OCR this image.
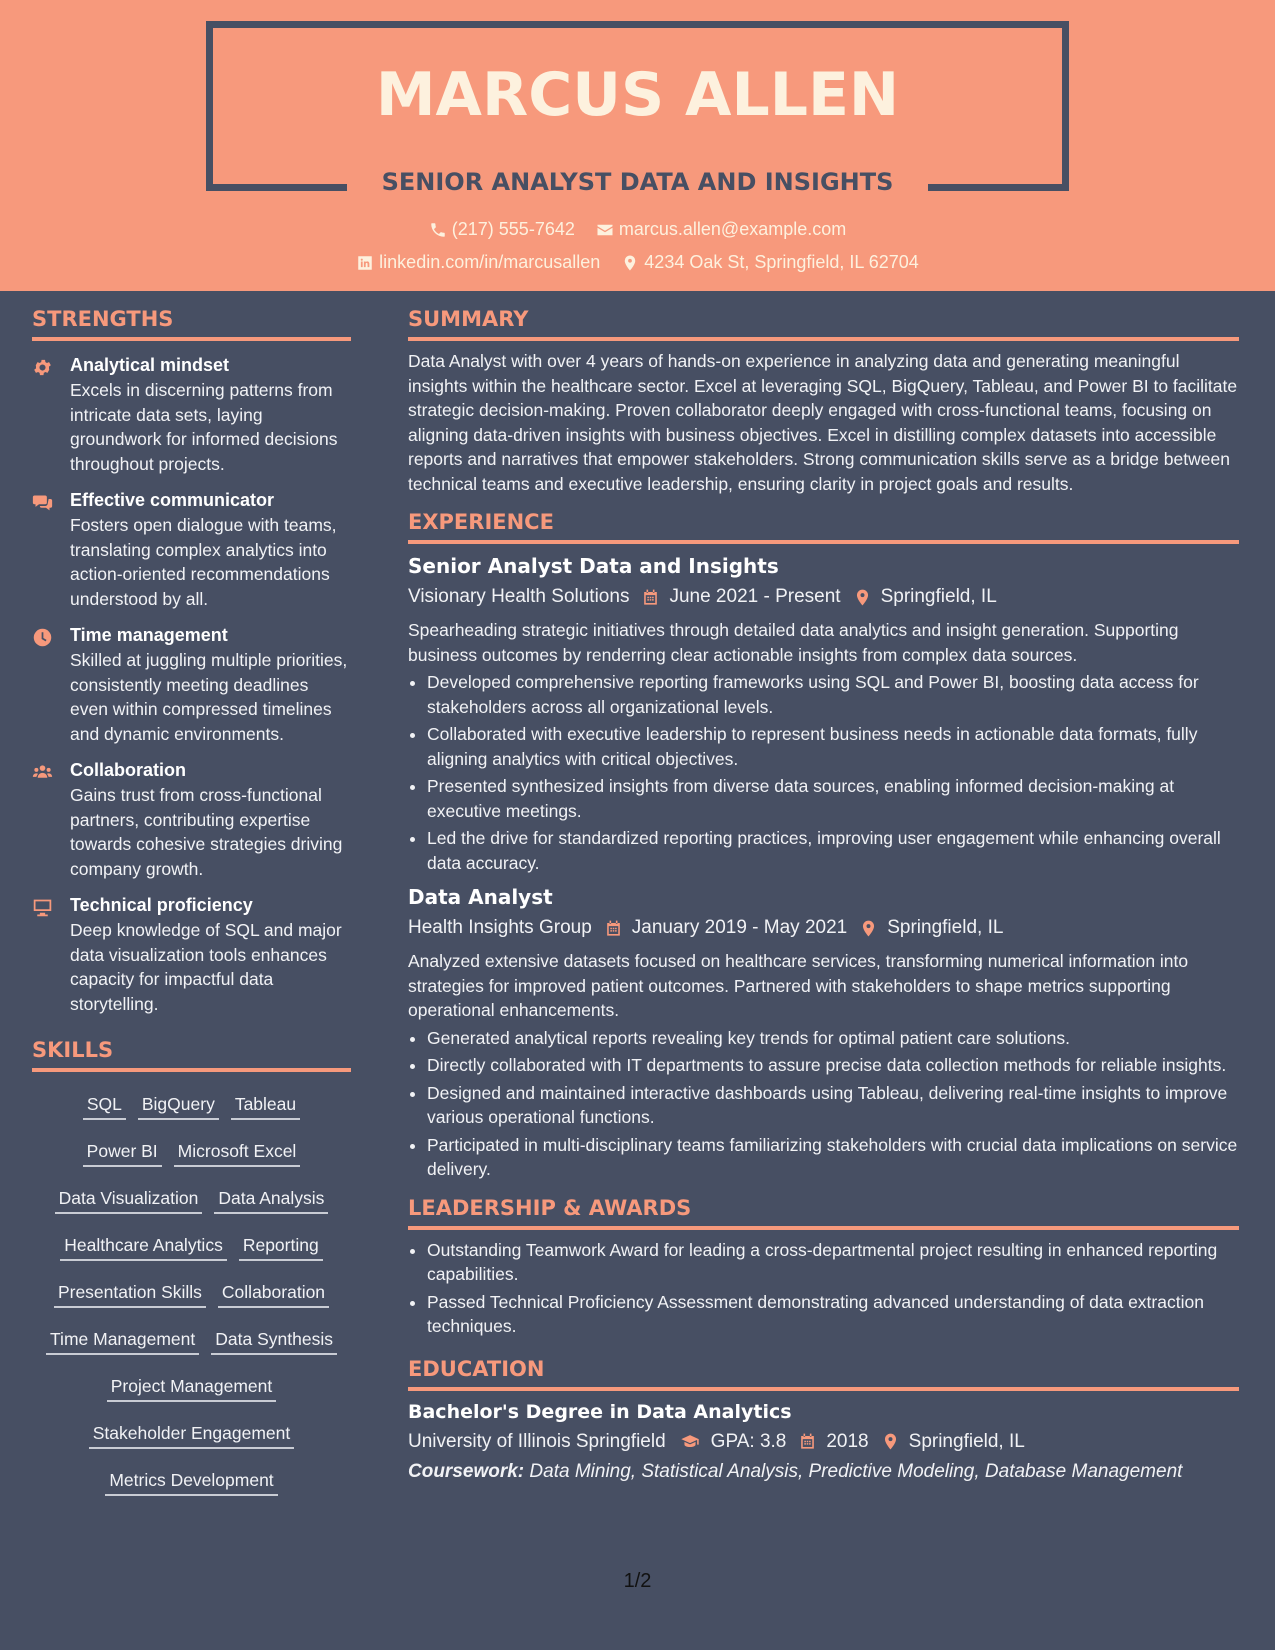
MARCUS ALLEN
SENIOR ANALYST DATA AND INSIGHTS
(217) 555-7642
marcus.allen@example.com
linkedin.com/in/marcusallen
4234 Oak St, Springfield, IL 62704
STRENGTHS
Analytical mindset

Excels in discerning patterns from intricate data sets, laying groundwork for informed decisions throughout projects.

Effective communicator

Fosters open dialogue with teams, translating complex analytics into action-oriented recommendations understood by all.

Time management

Skilled at juggling multiple priorities, consistently meeting deadlines even within compressed timelines and dynamic environments.

Collaboration

Gains trust from cross-functional partners, contributing expertise towards cohesive strategies driving company growth.

Technical proficiency

Deep knowledge of SQL and major data visualization tools enhances capacity for impactful data storytelling.

SKILLS
SQL BigQuery Tableau
Power BI Microsoft Excel
Data Visualization Data Analysis
Healthcare Analytics Reporting
Presentation Skills Collaboration
Time Management Data Synthesis
Project Management
Stakeholder Engagement
Metrics Development
SUMMARY

Data Analyst with over 4 years of hands-on experience in analyzing data and generating meaningful insights within the healthcare sector. Excel at leveraging SQL, BigQuery, Tableau, and Power BI to facilitate strategic decision-making. Proven collaborator deeply engaged with cross-functional teams, focusing on aligning data-driven insights with business objectives. Excel in distilling complex datasets into accessible reports and narratives that empower stakeholders. Strong communication skills serve as a bridge between technical teams and executive leadership, ensuring clarity in project goals and results.

EXPERIENCE
Senior Analyst Data and Insights
Visionary Health Solutions June 2021 - Present Springfield, IL

Spearheading strategic initiatives through detailed data analytics and insight generation. Supporting business outcomes by renderring clear actionable insights from complex data sources.

• Developed comprehensive reporting frameworks using SQL and Power BI, boosting data access for stakeholders across all organizational levels.
• Collaborated with executive leadership to represent business needs in actionable data formats, fully aligning analytics with critical objectives.
• Presented synthesized insights from diverse data sources, enabling informed decision-making at executive meetings.
• Led the drive for standardized reporting practices, improving user engagement while enhancing overall data accuracy.
Data Analyst
Health Insights Group January 2019 - May 2021 Springfield, IL

Analyzed extensive datasets focused on healthcare services, transforming numerical information into strategies for improved patient outcomes. Partnered with stakeholders to shape metrics supporting operational enhancements.

• Generated analytical reports revealing key trends for optimal patient care solutions.
• Directly collaborated with IT departments to assure precise data collection methods for reliable insights.
• Designed and maintained interactive dashboards using Tableau, delivering real-time insights to improve various operational functions.
• Participated in multi-disciplinary teams familiarizing stakeholders with crucial data implications on service delivery.
LEADERSHIP & AWARDS
• Outstanding Teamwork Award for leading a cross-departmental project resulting in enhanced reporting capabilities.
• Passed Technical Proficiency Assessment demonstrating advanced understanding of data extraction techniques.
EDUCATION
Bachelor's Degree in Data Analytics
University of Illinois Springfield GPA: 3.8 2018 Springfield, IL
Coursework: Data Mining, Statistical Analysis, Predictive Modeling, Database Management
1/2
